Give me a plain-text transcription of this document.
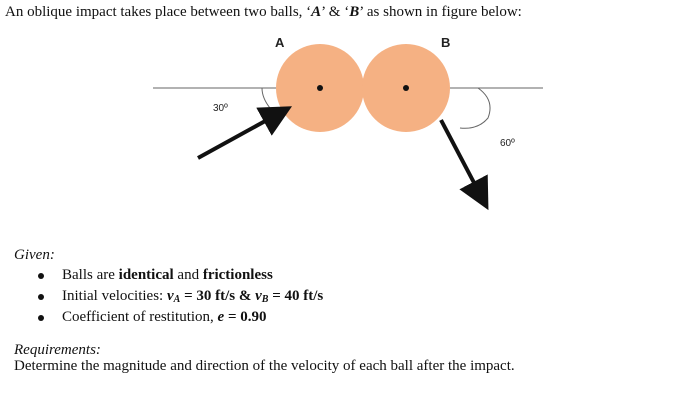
An oblique impact takes place between two balls, ‘A’ & ‘B’ as shown in figure below:
A	B
30º
60º
Given:
Balls are identical and frictionless
Initial velocities: $v_A = 30$ ft/s & $v_B = 40$ ft/s
Coefficient of restitution, e = 0.90
Requirements:
Determine the magnitude and direction of the velocity of each ball after the impact.
